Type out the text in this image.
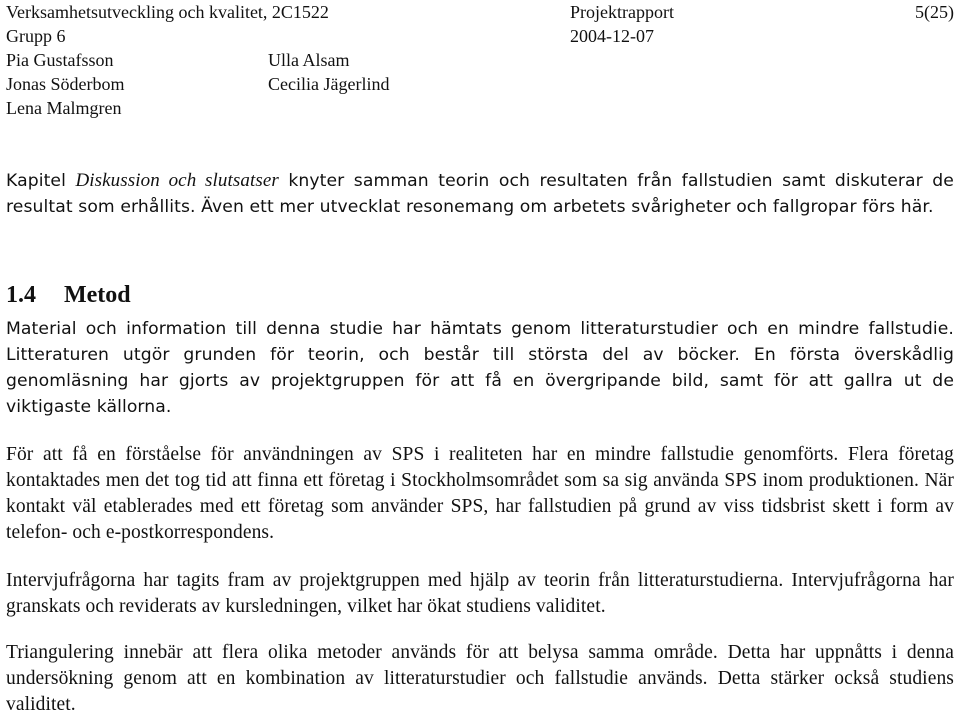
Verksamhetsutveckling och kvalitet, 2C1522
Grupp 6
Pia Gustafsson
Jonas Söderbom
Lena Malmgren
Ulla Alsam
Cecilia Jägerlind
Projektrapport
2004-12-07
5(25)
Kapitel Diskussion och slutsatser knyter samman teorin och resultaten från fallstudien samt diskuterar de resultat som erhållits. Även ett mer utvecklat resonemang om arbetets svårigheter och fallgropar förs här.
1.4 Metod
Material och information till denna studie har hämtats genom litteraturstudier och en mindre fallstudie. Litteraturen utgör grunden för teorin, och består till största del av böcker. En första överskådlig genomläsning har gjorts av projektgruppen för att få en övergripande bild, samt för att gallra ut de viktigaste källorna.
För att få en förståelse för användningen av SPS i realiteten har en mindre fallstudie genomförts. Flera företag kontaktades men det tog tid att finna ett företag i Stockholmsområdet som sa sig använda SPS inom produktionen. När kontakt väl etablerades med ett företag som använder SPS, har fallstudien på grund av viss tidsbrist skett i form av telefon- och e-postkorrespondens.
Intervjufrågorna har tagits fram av projektgruppen med hjälp av teorin från litteraturstudierna. Intervjufrågorna har granskats och reviderats av kursledningen, vilket har ökat studiens validitet.
Triangulering innebär att flera olika metoder används för att belysa samma område. Detta har uppnåtts i denna undersökning genom att en kombination av litteraturstudier och fallstudie används. Detta stärker också studiens validitet.
